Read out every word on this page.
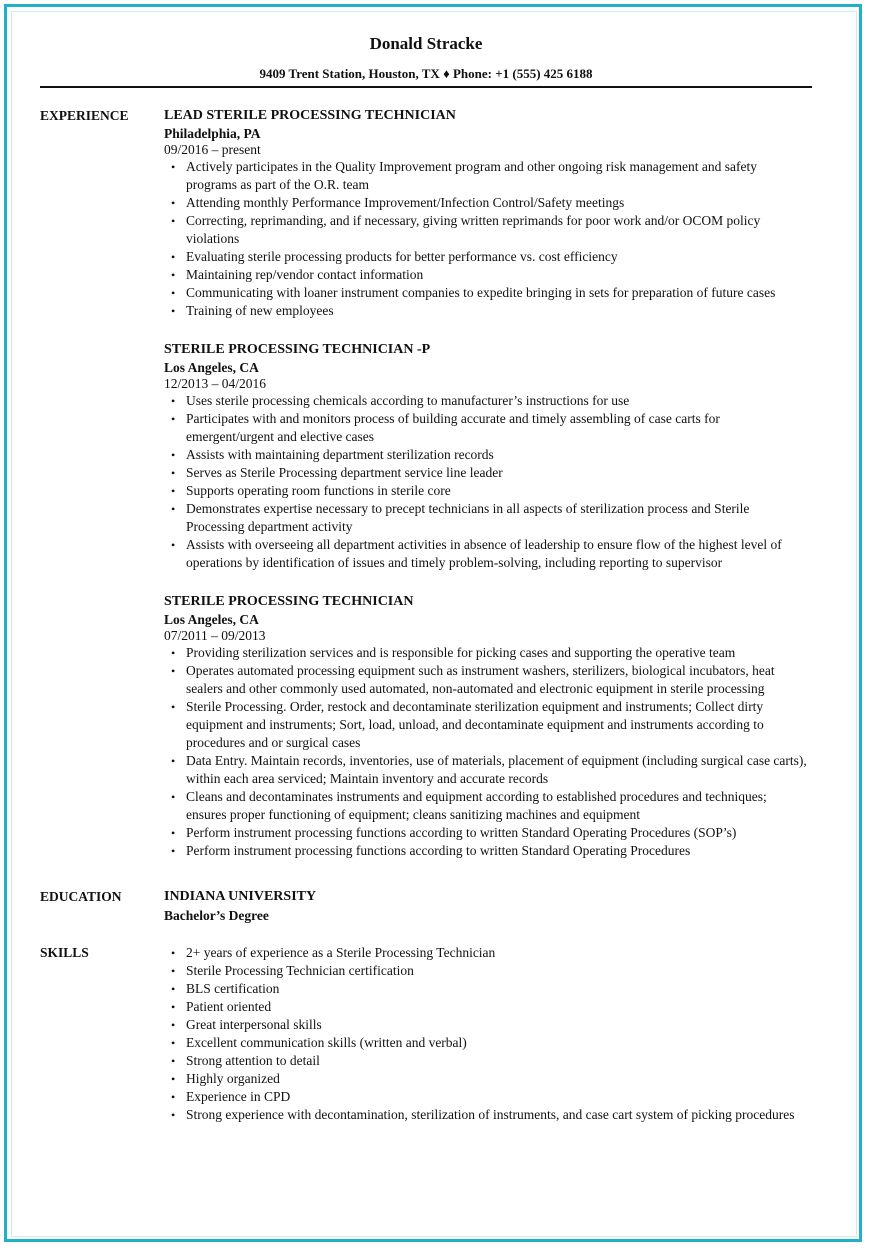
Donald Stracke
9409 Trent Station, Houston, TX ♦ Phone: +1 (555) 425 6188
EXPERIENCE	LEAD STERILE PROCESSING TECHNICIAN
Philadelphia, PA
09/2016 – present
• Actively participates in the Quality Improvement program and other ongoing risk management and safety programs as part of the O.R. team
• Attending monthly Performance Improvement/Infection Control/Safety meetings
• Correcting, reprimanding, and if necessary, giving written reprimands for poor work and/or OCOM policy violations
• Evaluating sterile processing products for better performance vs. cost efficiency
• Maintaining rep/vendor contact information
• Communicating with loaner instrument companies to expedite bringing in sets for preparation of future cases
• Training of new employees
STERILE PROCESSING TECHNICIAN -P
Los Angeles, CA
12/2013 – 04/2016
• Uses sterile processing chemicals according to manufacturer’s instructions for use
• Participates with and monitors process of building accurate and timely assembling of case carts for emergent/urgent and elective cases
• Assists with maintaining department sterilization records
• Serves as Sterile Processing department service line leader
• Supports operating room functions in sterile core
• Demonstrates expertise necessary to precept technicians in all aspects of sterilization process and Sterile Processing department activity
• Assists with overseeing all department activities in absence of leadership to ensure flow of the highest level of operations by identification of issues and timely problem-solving, including reporting to supervisor
STERILE PROCESSING TECHNICIAN
Los Angeles, CA
07/2011 – 09/2013
• Providing sterilization services and is responsible for picking cases and supporting the operative team
• Operates automated processing equipment such as instrument washers, sterilizers, biological incubators, heat sealers and other commonly used automated, non-automated and electronic equipment in sterile processing
• Sterile Processing. Order, restock and decontaminate sterilization equipment and instruments; Collect dirty equipment and instruments; Sort, load, unload, and decontaminate equipment and instruments according to procedures and or surgical cases
• Data Entry. Maintain records, inventories, use of materials, placement of equipment (including surgical case carts), within each area serviced; Maintain inventory and accurate records
• Cleans and decontaminates instruments and equipment according to established procedures and techniques; ensures proper functioning of equipment; cleans sanitizing machines and equipment
• Perform instrument processing functions according to written Standard Operating Procedures (SOP’s)
• Perform instrument processing functions according to written Standard Operating Procedures
EDUCATION	INDIANA UNIVERSITY
Bachelor’s Degree
SKILLS
•	2+ years of experience as a Sterile Processing Technician
• Sterile Processing Technician certification
• BLS certification
• Patient oriented
• Great interpersonal skills
• Excellent communication skills (written and verbal)
• Strong attention to detail
• Highly organized
• Experience in CPD
• Strong experience with decontamination, sterilization of instruments, and case cart system of picking procedures
